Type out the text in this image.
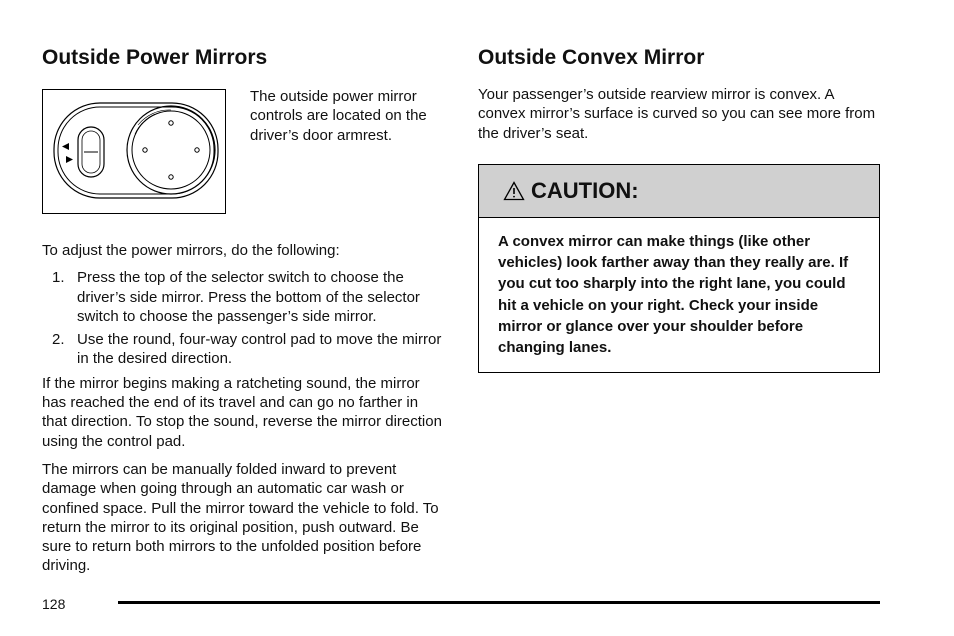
Outside Power Mirrors
The outside power mirror controls are located on the driver’s door armrest.

To adjust the power mirrors, do the following:

1. Press the top of the selector switch to choose the driver’s side mirror. Press the bottom of the selector switch to choose the passenger’s side mirror.
2. Use the round, four-way control pad to move the mirror in the desired direction.

If the mirror begins making a ratcheting sound, the mirror has reached the end of its travel and can go no farther in that direction. To stop the sound, reverse the mirror direction using the control pad.

The mirrors can be manually folded inward to prevent damage when going through an automatic car wash or confined space. Pull the mirror toward the vehicle to fold. To return the mirror to its original position, push outward. Be sure to return both mirrors to the unfolded position before driving.

Outside Convex Mirror

Your passenger’s outside rearview mirror is convex. A convex mirror’s surface is curved so you can see more from the driver’s seat.

CAUTION:
A convex mirror can make things (like other vehicles) look farther away than they really are. If you cut too sharply into the right lane, you could hit a vehicle on your right. Check your inside mirror or glance over your shoulder before changing lanes.
128
